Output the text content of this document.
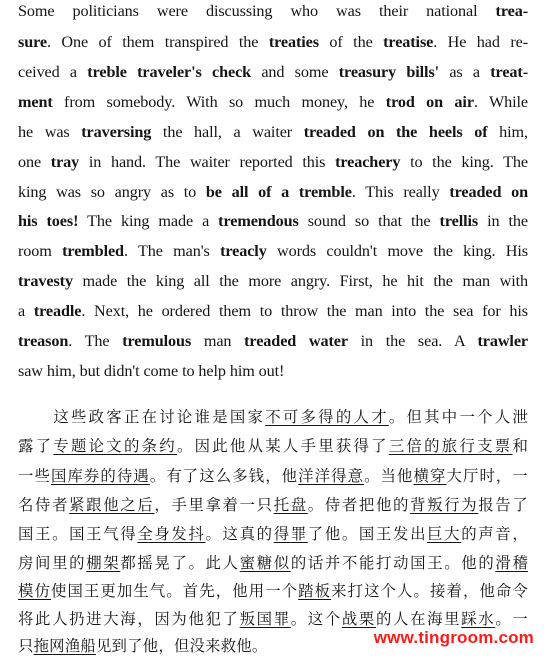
Some politicians were discussing who was their national trea-
sure. One of them transpired the treaties of the treatise. He had re-
ceived a treble traveler's check and some treasury bills' as a treat-
ment from somebody. With so much money, he trod on air. While
he was traversing the hall, a waiter treaded on the heels of him,
one tray in hand. The waiter reported this treachery to the king. The
king was so angry as to be all of a tremble. This really treaded on
his toes! The king made a tremendous sound so that the trellis in the
room trembled. The man's treacly words couldn't move the king. His
travesty made the king all the more angry. First, he hit the man with
a treadle. Next, he ordered them to throw the man into the sea for his
treason. The tremulous man treaded water in the sea. A trawler
saw him, but didn't come to help him out!
　　这些政客正在讨论谁是国家不可多得的人才。但其中一个人泄
露了专题论文的条约。因此他从某人手里获得了三倍的旅行支票和
一些国库券的待遇。有了这么多钱，他洋洋得意。当他横穿大厅时，一
名侍者紧跟他之后，手里拿着一只托盘。侍者把他的背叛行为报告了
国王。国王气得全身发抖。这真的得罪了他。国王发出巨大的声音，
房间里的棚架都摇晃了。此人蜜糖似的话并不能打动国王。他的滑稽
模仿使国王更加生气。首先，他用一个踏板来打这个人。接着，他命令
将此人扔进大海，因为他犯了叛国罪。这个战栗的人在海里踩水。一
只拖网渔船见到了他，但没来救他。	www.tingroom.com
